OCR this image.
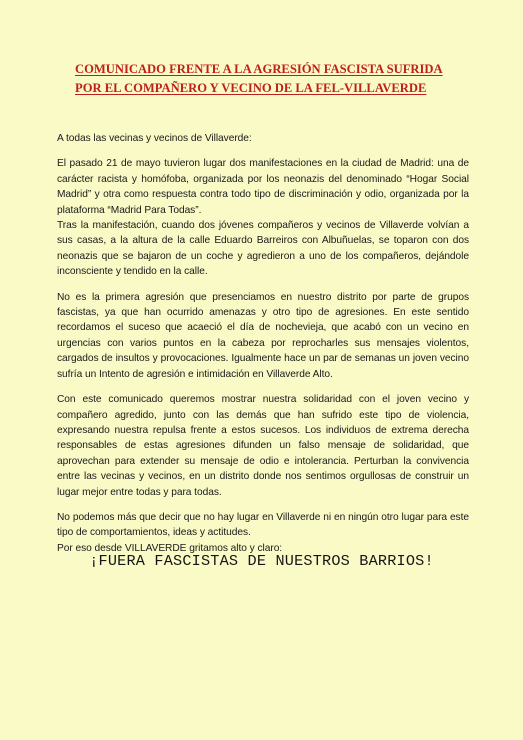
COMUNICADO FRENTE A LA AGRESIÓN FASCISTA SUFRIDA
POR EL COMPAÑERO Y VECINO DE LA FEL-VILLAVERDE

A todas las vecinas y vecinos de Villaverde:

El pasado 21 de mayo tuvieron lugar dos manifestaciones en la ciudad de Madrid: una de carácter racista y homófoba, organizada por los neonazis del denominado “Hogar Social Madrid” y otra como respuesta contra todo tipo de discriminación y odio, organizada por la plataforma “Madrid Para Todas”.

Tras la manifestación, cuando dos jóvenes compañeros y vecinos de Villaverde volvían a sus casas, a la altura de la calle Eduardo Barreiros con Albuñuelas, se toparon con dos neonazis que se bajaron de un coche y agredieron a uno de los compañeros, dejándole inconsciente y tendido en la calle.

No es la primera agresión que presenciamos en nuestro distrito por parte de grupos fascistas, ya que han ocurrido amenazas y otro tipo de agresiones. En este sentido recordamos el suceso que acaeció el día de nochevieja, que acabó con un vecino en urgencias con varios puntos en la cabeza por reprocharles sus mensajes violentos, cargados de insultos y provocaciones. Igualmente hace un par de semanas un joven vecino sufría un Intento de agresión e intimidación en Villaverde Alto.

Con este comunicado queremos mostrar nuestra solidaridad con el joven vecino y compañero agredido, junto con las demás que han sufrido este tipo de violencia, expresando nuestra repulsa frente a estos sucesos. Los individuos de extrema derecha responsables de estas agresiones difunden un falso mensaje de solidaridad, que aprovechan para extender su mensaje de odio e intolerancia. Perturban la convivencia entre las vecinas y vecinos, en un distrito donde nos sentimos orgullosas de construir un lugar mejor entre todas y para todas.

No podemos más que decir que no hay lugar en Villaverde ni en ningún otro lugar para este tipo de comportamientos, ideas y actitudes.

Por eso desde VILLAVERDE gritamos alto y claro:

¡FUERA FASCISTAS DE NUESTROS BARRIOS!
